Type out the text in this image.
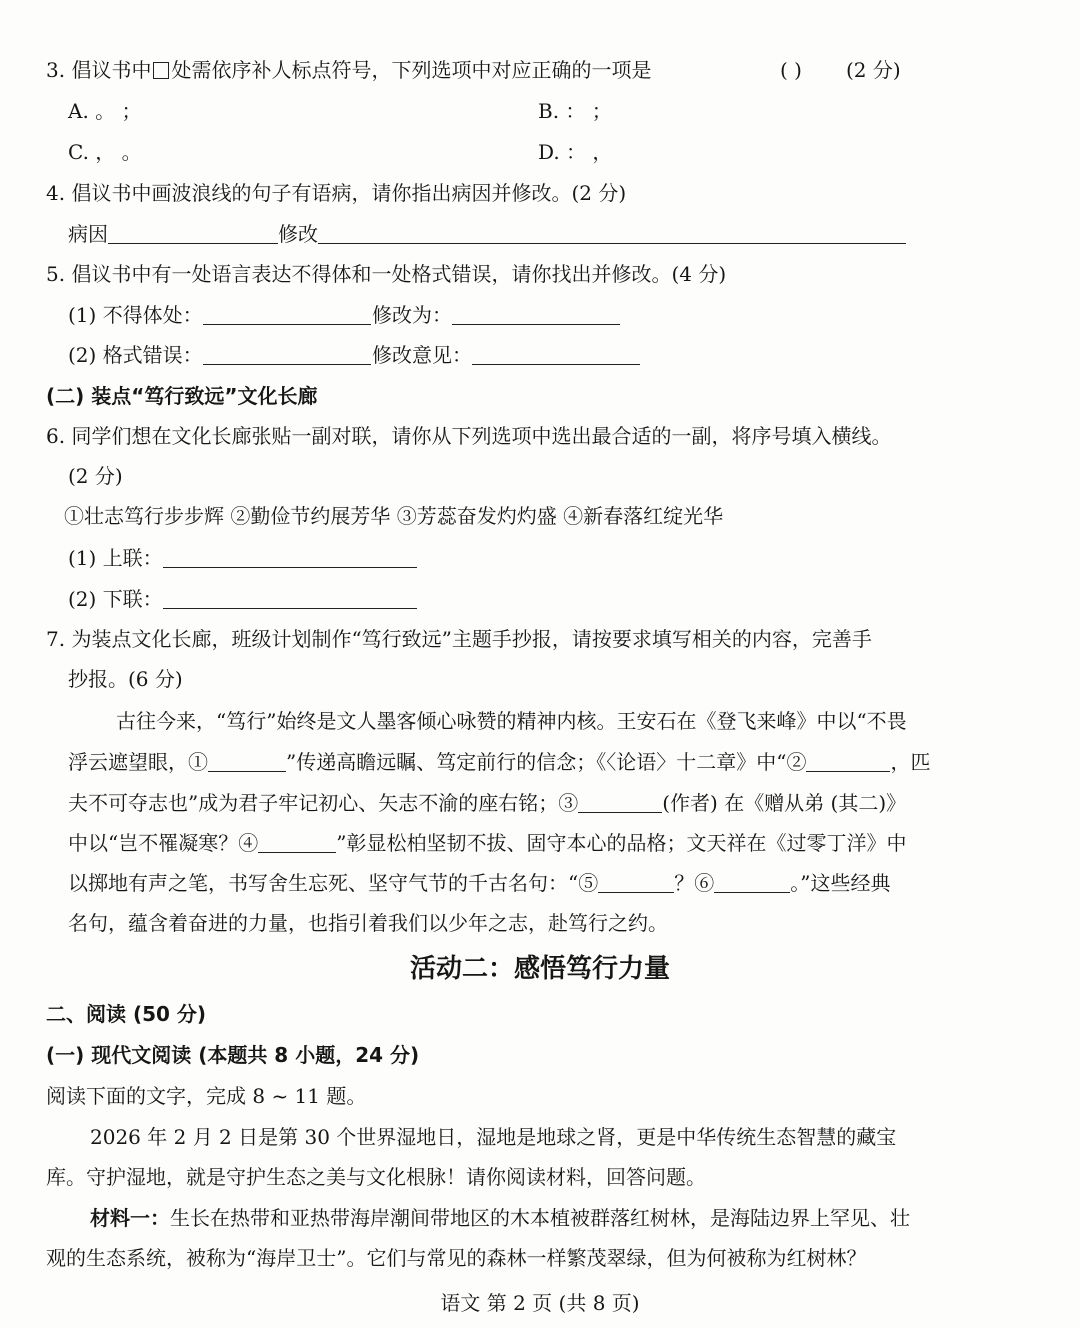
3. 倡议书中 处需依序补人标点符号，下列选项中对应正确的一项是	( ) (2 分)
A. 。 ；	B. ： ；
C. ， 。	D. ： ，
4. 倡议书中画波浪线的句子有语病，请你指出病因并修改。(2 分)
病因	修改
5. 倡议书中有一处语言表达不得体和一处格式错误，请你找出并修改。(4 分)
(1) 不得体处：	修改为：
(2) 格式错误：	修改意见：
(二) 装点“笃行致远”文化长廊
6. 同学们想在文化长廊张贴一副对联，请你从下列选项中选出最合适的一副，将序号填入横线。
(2 分)
①壮志笃行步步辉 ②勤俭节约展芳华 ③芳蕊奋发灼灼盛 ④新春落红绽光华
(1) 上联：
(2) 下联：
7. 为装点文化长廊，班级计划制作“笃行致远”主题手抄报，请按要求填写相关的内容，完善手
抄报。(6 分)
古往今来，“笃行”始终是文人墨客倾心咏赞的精神内核。王安石在《登飞来峰》中以“不畏
浮云遮望眼，①	”传递高瞻远瞩、笃定前行的信念；《〈论语〉十二章》中“②	，匹
夫不可夺志也”成为君子牢记初心、矢志不渝的座右铭；③	(作者) 在《赠从弟 (其二)》
中以“岂不罹凝寒？④	”彰显松柏坚韧不拔、固守本心的品格；文天祥在《过零丁洋》中
以掷地有声之笔，书写舍生忘死、坚守气节的千古名句：“⑤	？⑥	。”这些经典
名句，蕴含着奋进的力量，也指引着我们以少年之志，赴笃行之约。
活动二：感悟笃行力量
二、阅读 (50 分)
(一) 现代文阅读 (本题共 8 小题，24 分)
阅读下面的文字，完成 8 ~ 11 题。
2026 年 2 月 2 日是第 30 个世界湿地日，湿地是地球之肾，更是中华传统生态智慧的藏宝
库。守护湿地，就是守护生态之美与文化根脉！请你阅读材料，回答问题。
材料一：生长在热带和亚热带海岸潮间带地区的木本植被群落红树林，是海陆边界上罕见、壮
观的生态系统，被称为“海岸卫士”。它们与常见的森林一样繁茂翠绿，但为何被称为红树林？
语文 第 2 页 (共 8 页)
